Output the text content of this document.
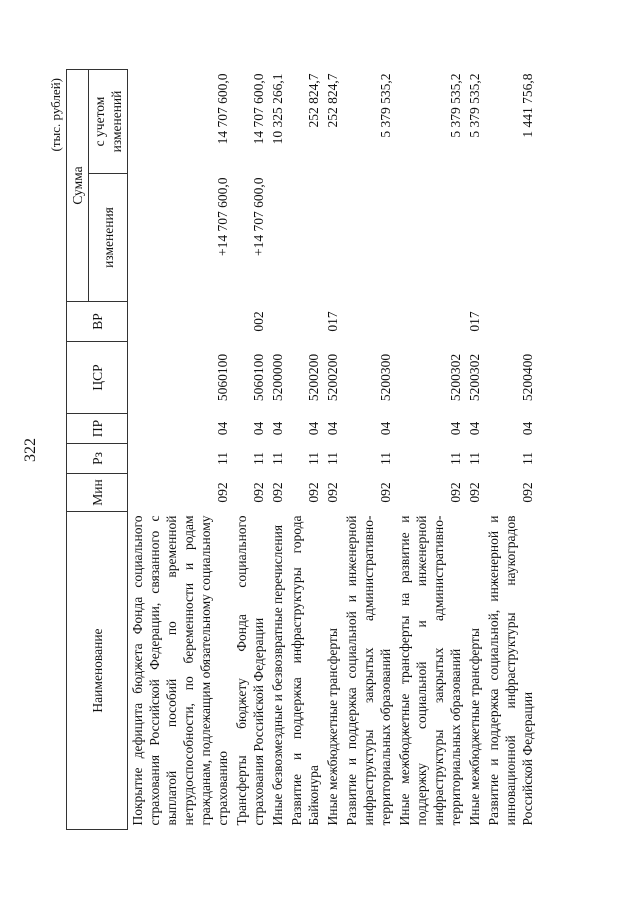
322
(тыс. рублей)
Наименование	Мин	Рз	ПР	ЦСР	ВР	Сумма	
						изменения	с учетом изменений
Покрытие дефицита бюджета Фонда социального страхования Российской Федерации, связанного с выплатой пособий по временной нетрудоспособности, по беременности и родам гражданам, подлежащим обязательному социальному страхованию	092	11	04	5060100		+14 707 600,0	14 707 600,0
Трансферты бюджету Фонда социального страхования Российской Федерации	092	11	04	5060100	002	+14 707 600,0	14 707 600,0
Иные безвозмездные и безвозвратные перечисления	092	11	04	5200000			10 325 266,1
Развитие и поддержка инфраструктуры города Байконура	092	11	04	5200200			252 824,7
Иные межбюджетные трансферты	092	11	04	5200200	017		252 824,7
Развитие и поддержка социальной и инженерной инфраструктуры закрытых административно-территориальных образований	092	11	04	5200300			5 379 535,2
Иные межбюджетные трансферты на развитие и поддержку социальной и инженерной инфраструктуры закрытых административно-территориальных образований	092	11	04	5200302			5 379 535,2
Иные межбюджетные трансферты	092	11	04	5200302	017		5 379 535,2
Развитие и поддержка социальной, инженерной и инновационной инфраструктуры наукоградов Российской Федерации	092	11	04	5200400			1 441 756,8
